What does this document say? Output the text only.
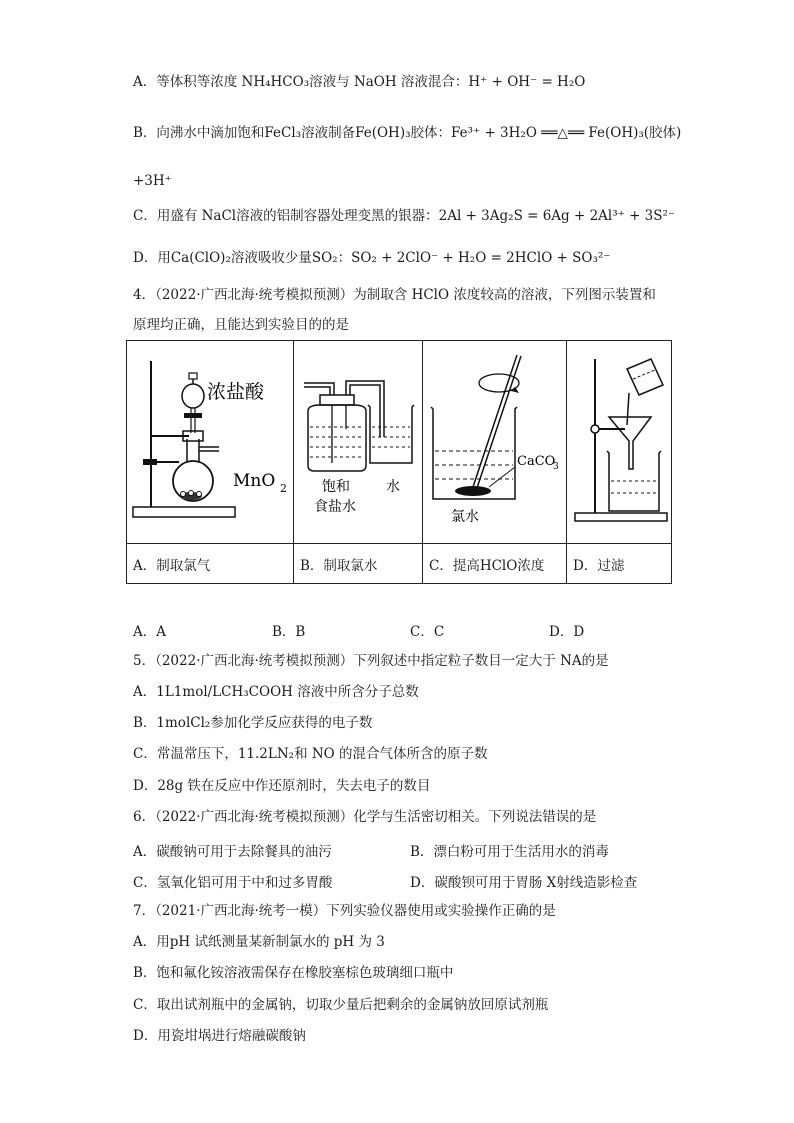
A．等体积等浓度 NH₄HCO₃溶液与 NaOH 溶液混合：H⁺ + OH⁻ = H₂O
B．向沸水中滴加饱和FeCl₃溶液制备Fe(OH)₃胶体：Fe³⁺ + 3H₂O ══△══ Fe(OH)₃(胶体)
+3H⁺
C．用盛有 NaCl溶液的铝制容器处理变黑的银器：2Al + 3Ag₂S = 6Ag + 2Al³⁺ + 3S²⁻
D．用Ca(ClO)₂溶液吸收少量SO₂：SO₂ + 2ClO⁻ + H₂O = 2HClO + SO₃²⁻
4．（2022·广西北海·统考模拟预测）为制取含 HClO 浓度较高的溶液，下列图示装置和
原理均正确，且能达到实验目的的是
浓盐酸
MnO 2	饱和
食盐水
水	CaCO
3
氯水

A．制取氯气	B．制取氯水	C．提高HClO浓度	D．过滤
A．A	B．B	C．C	D．D
5．（2022·广西北海·统考模拟预测）下列叙述中指定粒子数目一定大于 NA的是
A．1L1mol/LCH₃COOH 溶液中所含分子总数
B．1molCl₂参加化学反应获得的电子数
C．常温常压下，11.2LN₂和 NO 的混合气体所含的原子数
D．28g 铁在反应中作还原剂时，失去电子的数目
6．（2022·广西北海·统考模拟预测）化学与生活密切相关。下列说法错误的是
A．碳酸钠可用于去除餐具的油污	B．漂白粉可用于生活用水的消毒
C．氢氧化铝可用于中和过多胃酸	D．碳酸钡可用于胃肠 X射线造影检查
7．（2021·广西北海·统考一模）下列实验仪器使用或实验操作正确的是
A．用pH 试纸测量某新制氯水的 pH 为 3
B．饱和氟化铵溶液需保存在橡胶塞棕色玻璃细口瓶中
C．取出试剂瓶中的金属钠，切取少量后把剩余的金属钠放回原试剂瓶
D．用瓷坩埚进行熔融碳酸钠
